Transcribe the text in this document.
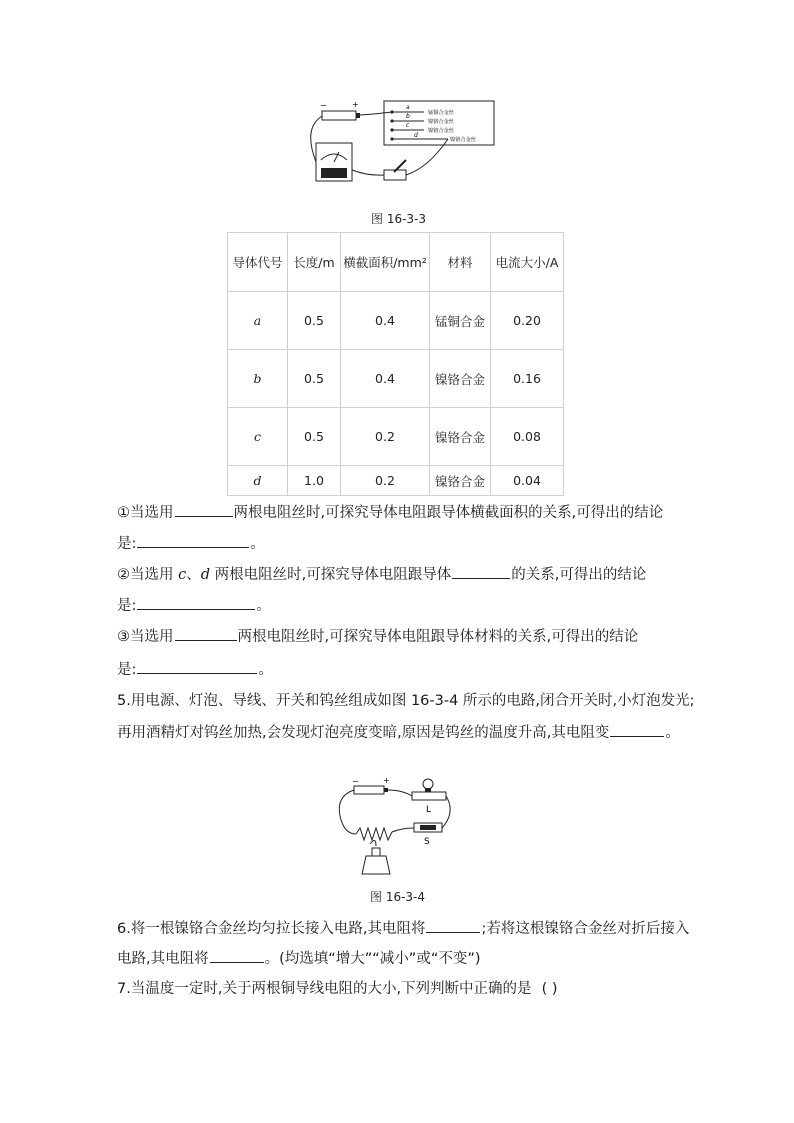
a
b
c
d
锰铜合金丝
镍铬合金丝
镍铬合金丝
镍铬合金丝
−	+
图 16-3-3
导体代号	长度/m	横截面积/mm²	材料	电流大小/A
a	0.5	0.4	锰铜合金	0.20
b	0.5	0.4	镍铬合金	0.16
c	0.5	0.2	镍铬合金	0.08
d	1.0	0.2	镍铬合金	0.04
①当选用	两根电阻丝时,可探究导体电阻跟导体横截面积的关系,可得出的结论
是:	。
②当选用 c、d 两根电阻丝时,可探究导体电阻跟导体	的关系,可得出的结论
是:	。
③当选用	两根电阻丝时,可探究导体电阻跟导体材料的关系,可得出的结论
是:	。
5.用电源、灯泡、导线、开关和钨丝组成如图 16-3-4 所示的电路,闭合开关时,小灯泡发光;
再用酒精灯对钨丝加热,会发现灯泡亮度变暗,原因是钨丝的温度升高,其电阻变	。
−	+
L
S
图 16-3-4
6.将一根镍铬合金丝均匀拉长接入电路,其电阻将	;若将这根镍铬合金丝对折后接入
电路,其电阻将	。(均选填“增大”“减小”或“不变”)
7.当温度一定时,关于两根铜导线电阻的大小,下列判断中正确的是 ( )
